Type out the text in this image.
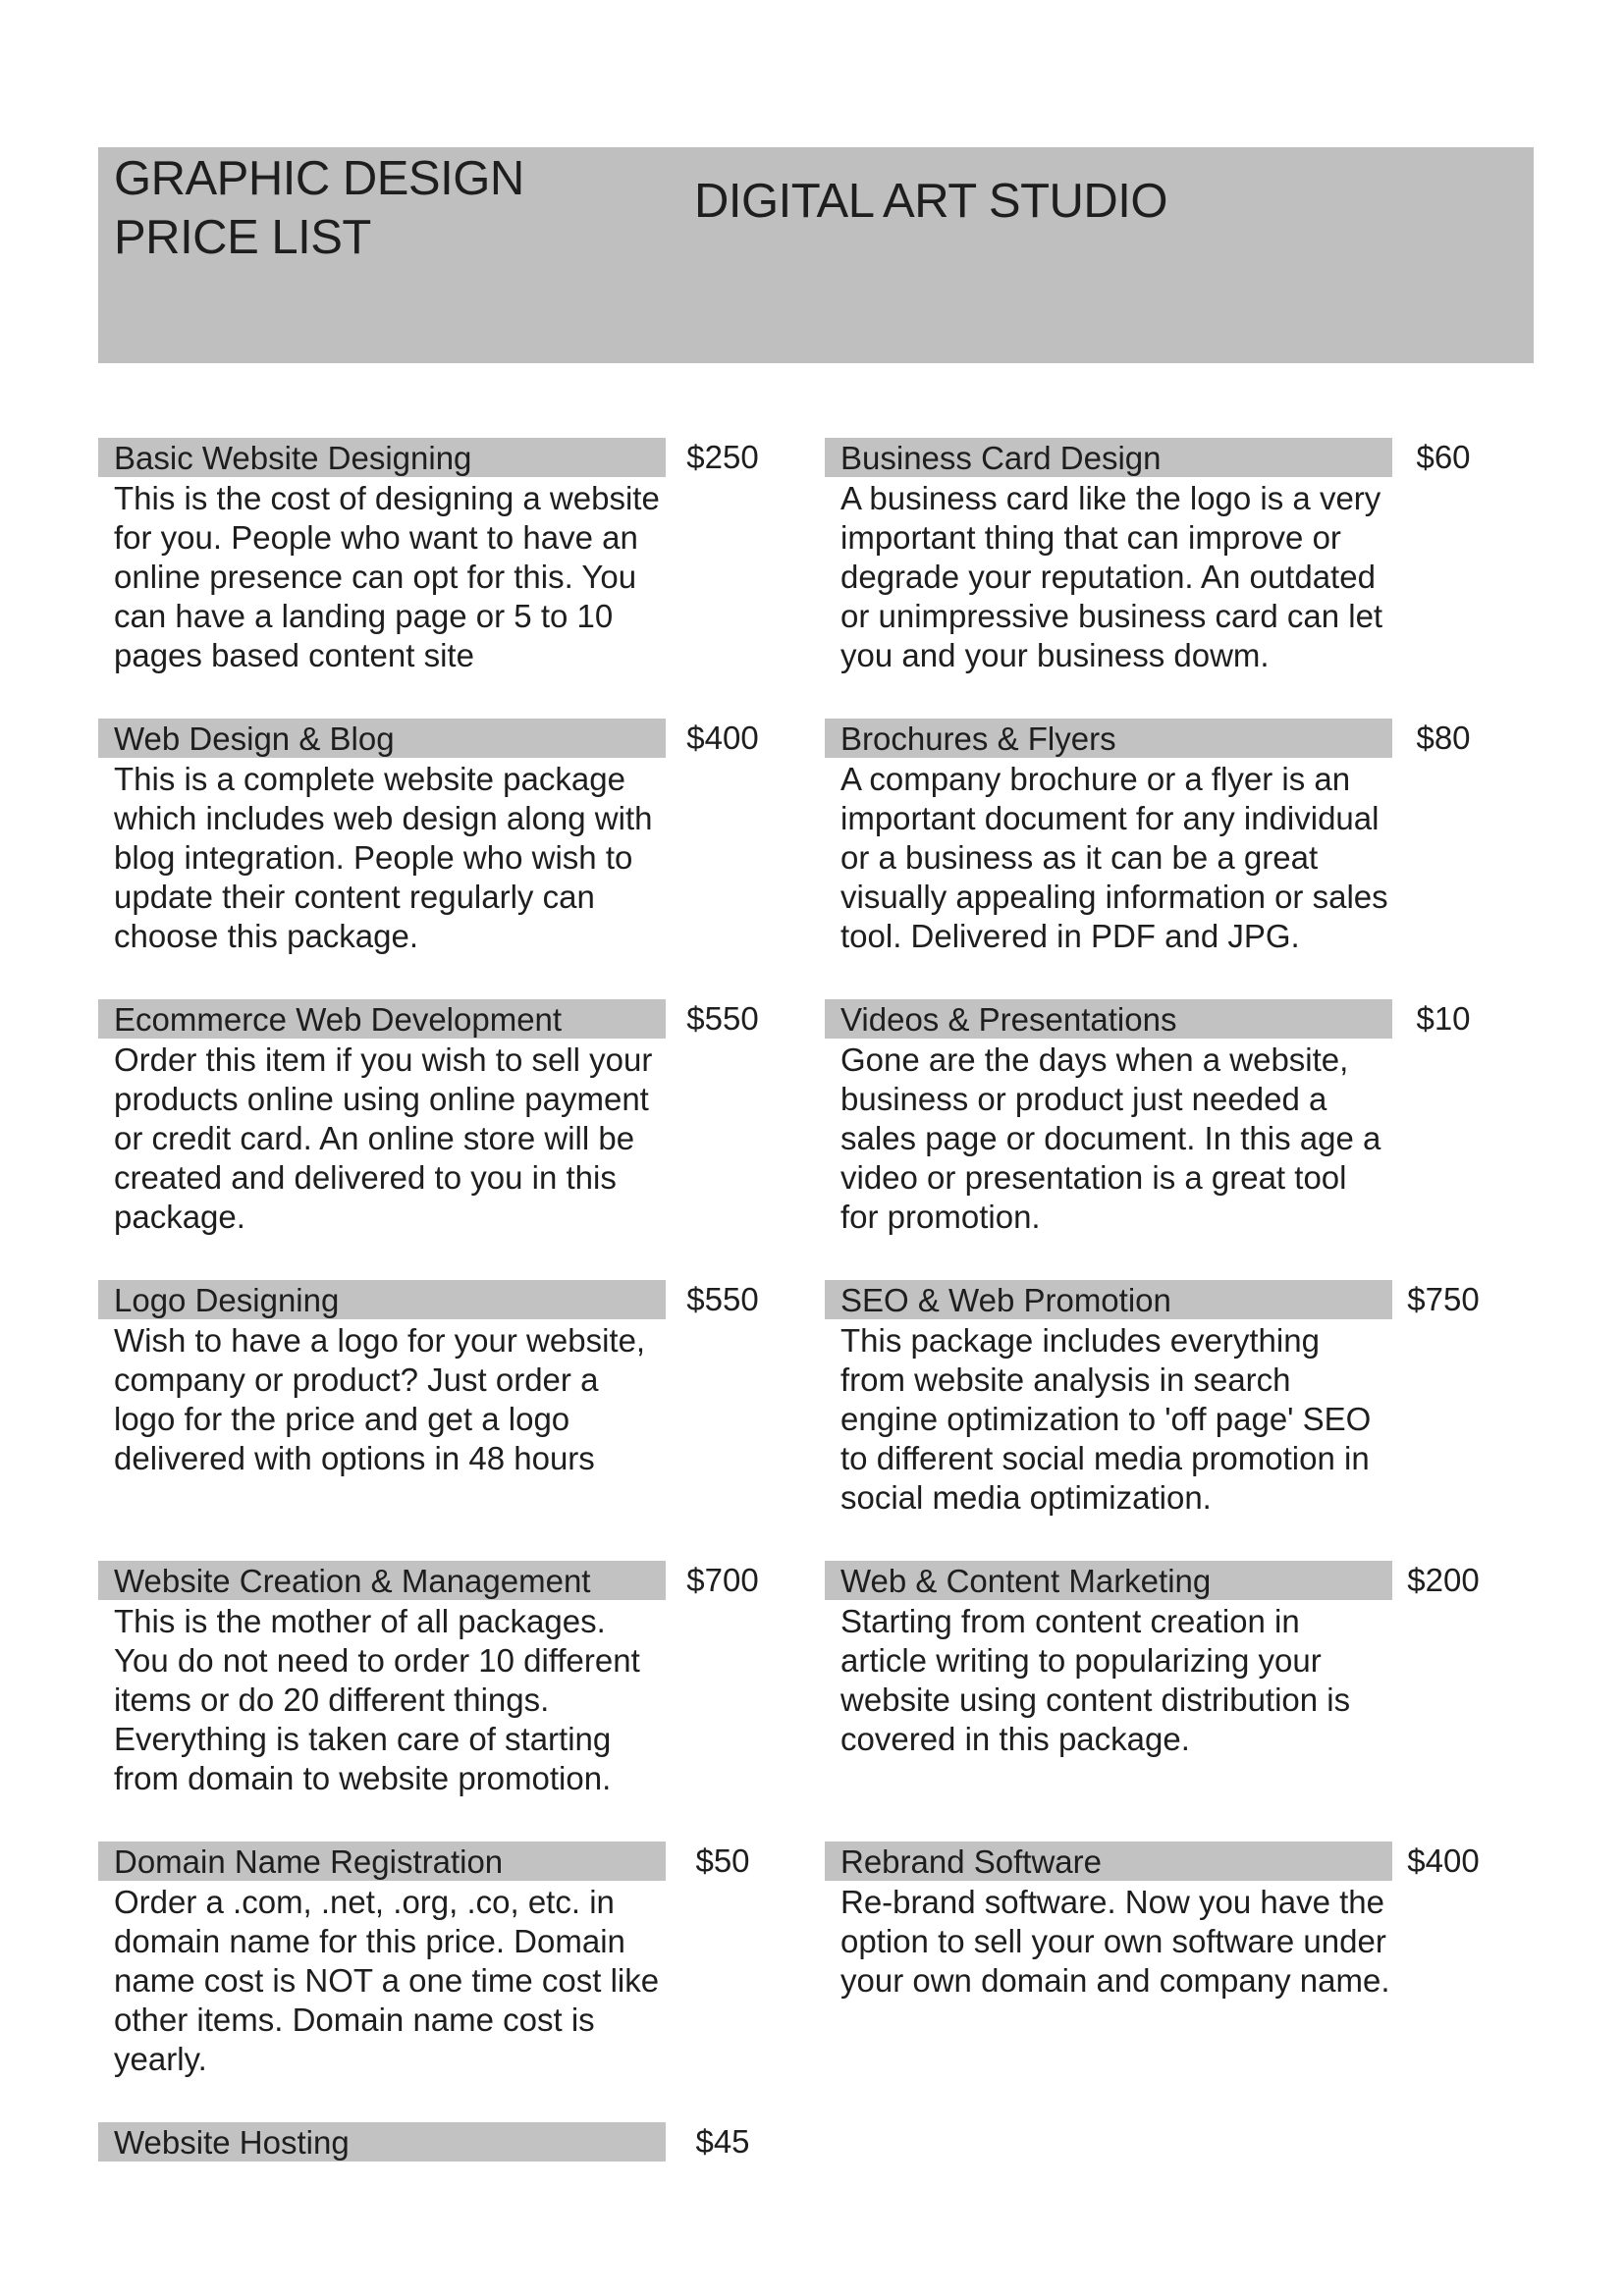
GRAPHIC DESIGN
PRICE LIST
DIGITAL ART STUDIO
Basic Website Designing	$250

This is the cost of designing a website for you. People who want to have an online presence can opt for this. You can have a landing page or 5 to 10 pages based content site

Web Design & Blog	$400

This is a complete website package which includes web design along with blog integration. People who wish to update their content regularly can choose this package.

Ecommerce Web Development	$550

Order this item if you wish to sell your products online using online payment or credit card. An online store will be created and delivered to you in this package.

Logo Designing	$550

Wish to have a logo for your website, company or product? Just order a logo for the price and get a logo delivered with options in 48 hours

Website Creation & Management	$700

This is the mother of all packages. You do not need to order 10 different items or do 20 different things. Everything is taken care of starting from domain to website promotion.

Domain Name Registration	$50

Order a .com, .net, .org, .co, etc. in domain name for this price. Domain name cost is NOT a one time cost like other items. Domain name cost is yearly.

Website Hosting	$45
Business Card Design	$60

A business card like the logo is a very important thing that can improve or degrade your reputation. An outdated or unimpressive business card can let you and your business dowm.

Brochures & Flyers	$80

A company brochure or a flyer is an important document for any individual or a business as it can be a great visually appealing information or sales tool. Delivered in PDF and JPG.

Videos & Presentations	$10

Gone are the days when a website, business or product just needed a sales page or document. In this age a video or presentation is a great tool for promotion.

SEO & Web Promotion	$750

This package includes everything from website analysis in search engine optimization to 'off page' SEO to different social media promotion in social media optimization.

Web & Content Marketing	$200

Starting from content creation in article writing to popularizing your website using content distribution is covered in this package.

Rebrand Software	$400

Re-brand software. Now you have the option to sell your own software under your own domain and company name.
